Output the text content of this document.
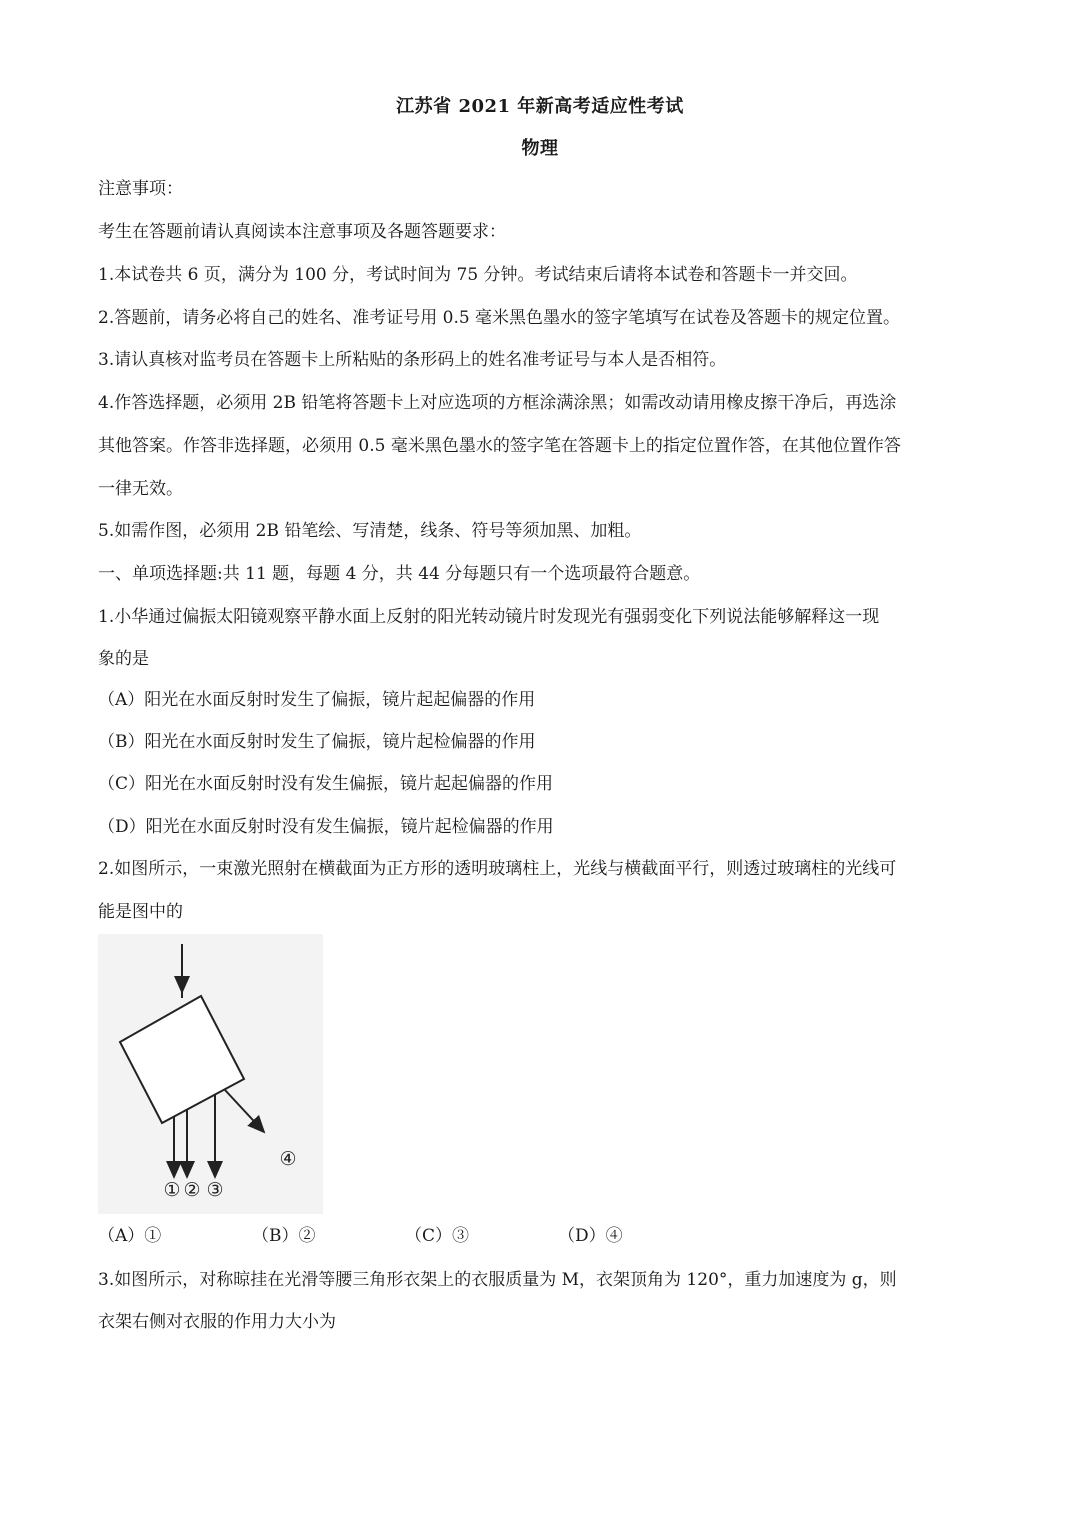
江苏省 2021 年新高考适应性考试
物理
注意事项：
考生在答题前请认真阅读本注意事项及各题答题要求：
1.本试卷共 6 页，满分为 100 分，考试时间为 75 分钟。考试结束后请将本试卷和答题卡一并交回。
2.答题前，请务必将自己的姓名、准考证号用 0.5 毫米黑色墨水的签字笔填写在试卷及答题卡的规定位置。
3.请认真核对监考员在答题卡上所粘贴的条形码上的姓名准考证号与本人是否相符。
4.作答选择题，必须用 2B 铅笔将答题卡上对应选项的方框涂满涂黑；如需改动请用橡皮擦干净后，再选涂
其他答案。作答非选择题，必须用 0.5 毫米黑色墨水的签字笔在答题卡上的指定位置作答，在其他位置作答
一律无效。
5.如需作图，必须用 2B 铅笔绘、写清楚，线条、符号等须加黑、加粗。
一、单项选择题:共 11 题，每题 4 分，共 44 分每题只有一个选项最符合题意。
1.小华通过偏振太阳镜观察平静水面上反射的阳光转动镜片时发现光有强弱变化下列说法能够解释这一现
象的是
（A）阳光在水面反射时发生了偏振，镜片起起偏器的作用
（B）阳光在水面反射时发生了偏振，镜片起检偏器的作用
（C）阳光在水面反射时没有发生偏振，镜片起起偏器的作用
（D）阳光在水面反射时没有发生偏振，镜片起检偏器的作用
2.如图所示，一束激光照射在横截面为正方形的透明玻璃柱上，光线与横截面平行，则透过玻璃柱的光线可
能是图中的
① ② ③
④
（A）①	（B）②	（C）③	（D）④
3.如图所示，对称晾挂在光滑等腰三角形衣架上的衣服质量为 M，衣架顶角为 120°，重力加速度为 g，则
衣架右侧对衣服的作用力大小为
